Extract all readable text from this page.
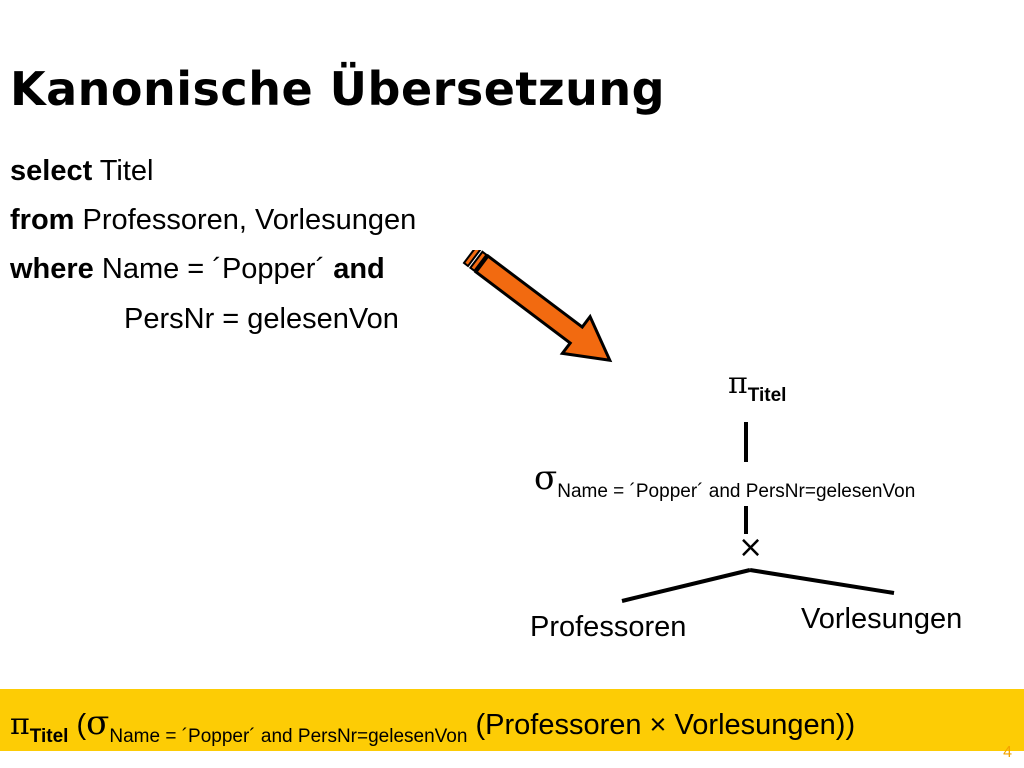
Kanonische Übersetzung
select Titel
from Professoren, Vorlesungen
where Name = ´Popper´ and
PersNr = gelesenVon
πTitel
σName = ´Popper´ and PersNr=gelesenVon
×
Professoren	Vorlesungen
$\pi_{Titel}$ ($\sigma_{Name = ´Popper´ and PersNr=gelesenVon}$ (Professoren × Vorlesungen))
4
